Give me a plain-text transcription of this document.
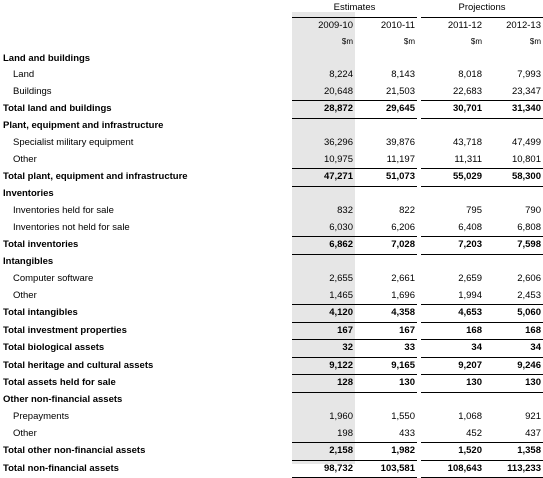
	Estimates			Projections	
	2009-10	2010-11		2011-12	2012-13
	$m	$m		$m	$m
Land and buildings					
Land	8,224	8,143		8,018	7,993
Buildings	20,648	21,503		22,683	23,347
Total land and buildings	28,872	29,645		30,701	31,340
Plant, equipment and infrastructure					
Specialist military equipment	36,296	39,876		43,718	47,499
Other	10,975	11,197		11,311	10,801
Total plant, equipment and infrastructure	47,271	51,073		55,029	58,300
Inventories					
Inventories held for sale	832	822		795	790
Inventories not held for sale	6,030	6,206		6,408	6,808
Total inventories	6,862	7,028		7,203	7,598
Intangibles					
Computer software	2,655	2,661		2,659	2,606
Other	1,465	1,696		1,994	2,453
Total intangibles	4,120	4,358		4,653	5,060
Total investment properties	167	167		168	168
Total biological assets	32	33		34	34
Total heritage and cultural assets	9,122	9,165		9,207	9,246
Total assets held for sale	128	130		130	130
Other non-financial assets					
Prepayments	1,960	1,550		1,068	921
Other	198	433		452	437
Total other non-financial assets	2,158	1,982		1,520	1,358
Total non-financial assets	98,732	103,581		108,643	113,233
